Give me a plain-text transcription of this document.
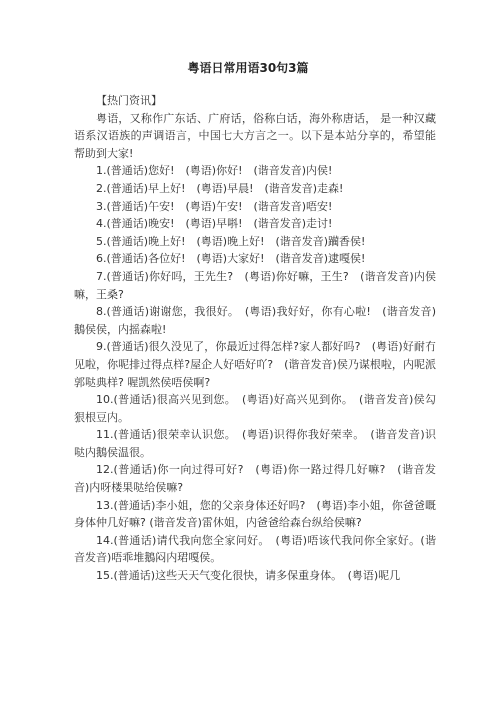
粤语日常用语30句3篇

【热门资讯】

粤语，又称作广东话、广府话，俗称白话，海外称唐话， 是一种汉藏语系汉语族的声调语言，中国七大方言之一。以下是本站分享的，希望能帮助到大家!

1.(普通话)您好!　(粤语)你好!　(谐音发音)内侯!

2.(普通话)早上好!　(粤语)早晨!　(谐音发音)走森!

3.(普通话)午安!　(粤语)午安!　(谐音发音)唔安!

4.(普通话)晚安!　(粤语)早唞!　(谐音发音)走讨!

5.(普通话)晚上好!　(粤语)晚上好!　(谐音发音)躏香侯!

6.(普通话)各位好!　(粤语)大家好!　(谐音发音)逮嘎侯!

7.(普通话)你好吗，王先生?　(粤语)你好嘛，王生?　(谐音发音)内侯嘛，王桑?

8.(普通话)谢谢您，我很好。　(粤语)我好好，你有心啦!　(谐音发音)鵝侯侯，内摇森啦!

9.(普通话)很久没见了，你最近过得怎样?家人都好吗?　(粤语)好耐冇见啦，你呢排过得点样?屋企人好唔好吖?　(谐音发音)侯乃谋根啦，内呢派郭哒典样? 喔凯然侯唔侯啊?

10.(普通话)很高兴见到您。　(粤语)好高兴见到你。　(谐音发音)侯勾狠根豆内。

11.(普通话)很荣幸认识您。　(粤语)识得你我好荣幸。　(谐音发音)识哒内鵝侯温很。

12.(普通话)你一向过得可好?　(粤语)你一路过得几好嘛?　(谐音发音)内呀楼果哒给侯嘛?

13.(普通话)李小姐，您的父亲身体还好吗?　(粤语)李小姐，你爸爸嘅身体仲几好嘛? (谐音发音)雷休姐，内爸爸给森台纵给侯嘛?

14.(普通话)请代我向您全家问好。　(粤语)唔该代我问你全家好。(谐音发音)唔乖堆鵝闷内珺嘎侯。

15.(普通话)这些天天气变化很快，请多保重身体。　(粤语)呢几
